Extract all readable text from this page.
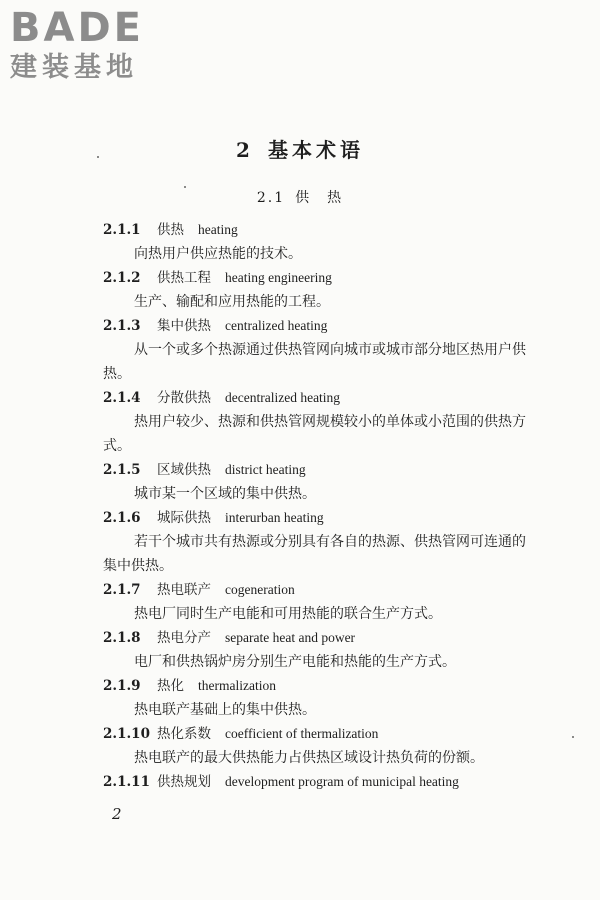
BADE
建装基地
2 基本术语
2.1 供　热
2.1.1 供热 heating
向热用户供应热能的技术。
2.1.2 供热工程 heating engineering
生产、输配和应用热能的工程。
2.1.3 集中供热 centralized heating
从一个或多个热源通过供热管网向城市或城市部分地区热用户供热。
2.1.4 分散供热 decentralized heating
热用户较少、热源和供热管网规模较小的单体或小范围的供热方式。
2.1.5 区域供热 district heating
城市某一个区域的集中供热。
2.1.6 城际供热 interurban heating
若干个城市共有热源或分别具有各自的热源、供热管网可连通的集中供热。
2.1.7 热电联产 cogeneration
热电厂同时生产电能和可用热能的联合生产方式。
2.1.8 热电分产 separate heat and power
电厂和供热锅炉房分别生产电能和热能的生产方式。
2.1.9 热化 thermalization
热电联产基础上的集中供热。
2.1.10 热化系数 coefficient of thermalization
热电联产的最大供热能力占供热区域设计热负荷的份额。
2.1.11 供热规划 development program of municipal heating
2
